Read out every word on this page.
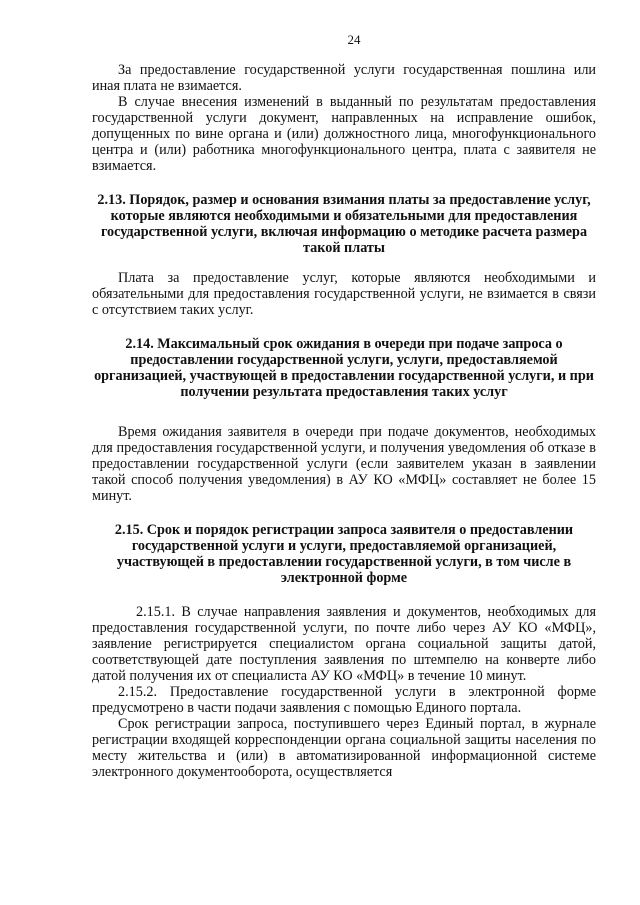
24

За предоставление государственной услуги государственная пошлина или иная плата не взимается.

В случае внесения изменений в выданный по результатам предоставления государственной услуги документ, направленных на исправление ошибок, допущенных по вине органа и (или) должностного лица, многофункционального центра и (или) работника многофункционального центра, плата с заявителя не взимается.

2.13. Порядок, размер и основания взимания платы за предоставление услуг, которые являются необходимыми и обязательными для предоставления государственной услуги, включая информацию о методике расчета размера такой платы

Плата за предоставление услуг, которые являются необходимыми и обязательными для предоставления государственной услуги, не взимается в связи с отсутствием таких услуг.

2.14. Максимальный срок ожидания в очереди при подаче запроса о предоставлении государственной услуги, услуги, предоставляемой организацией, участвующей в предоставлении государственной услуги, и при получении результата предоставления таких услуг

Время ожидания заявителя в очереди при подаче документов, необходимых для предоставления государственной услуги, и получения уведомления об отказе в предоставлении государственной услуги (если заявителем указан в заявлении такой способ получения уведомления) в АУ КО «МФЦ» составляет не более 15 минут.

2.15. Срок и порядок регистрации запроса заявителя о предоставлении государственной услуги и услуги, предоставляемой организацией, участвующей в предоставлении государственной услуги, в том числе в электронной форме

2.15.1. В случае направления заявления и документов, необходимых для предоставления государственной услуги, по почте либо через АУ КО «МФЦ», заявление регистрируется специалистом органа социальной защиты датой, соответствующей дате поступления заявления по штемпелю на конверте либо датой получения их от специалиста АУ КО «МФЦ» в течение 10 минут.

2.15.2. Предоставление государственной услуги в электронной форме предусмотрено в части подачи заявления с помощью Единого портала.

Срок регистрации запроса, поступившего через Единый портал, в журнале регистрации входящей корреспонденции органа социальной защиты населения по месту жительства и (или) в автоматизированной информационной системе электронного документооборота, осуществляется
